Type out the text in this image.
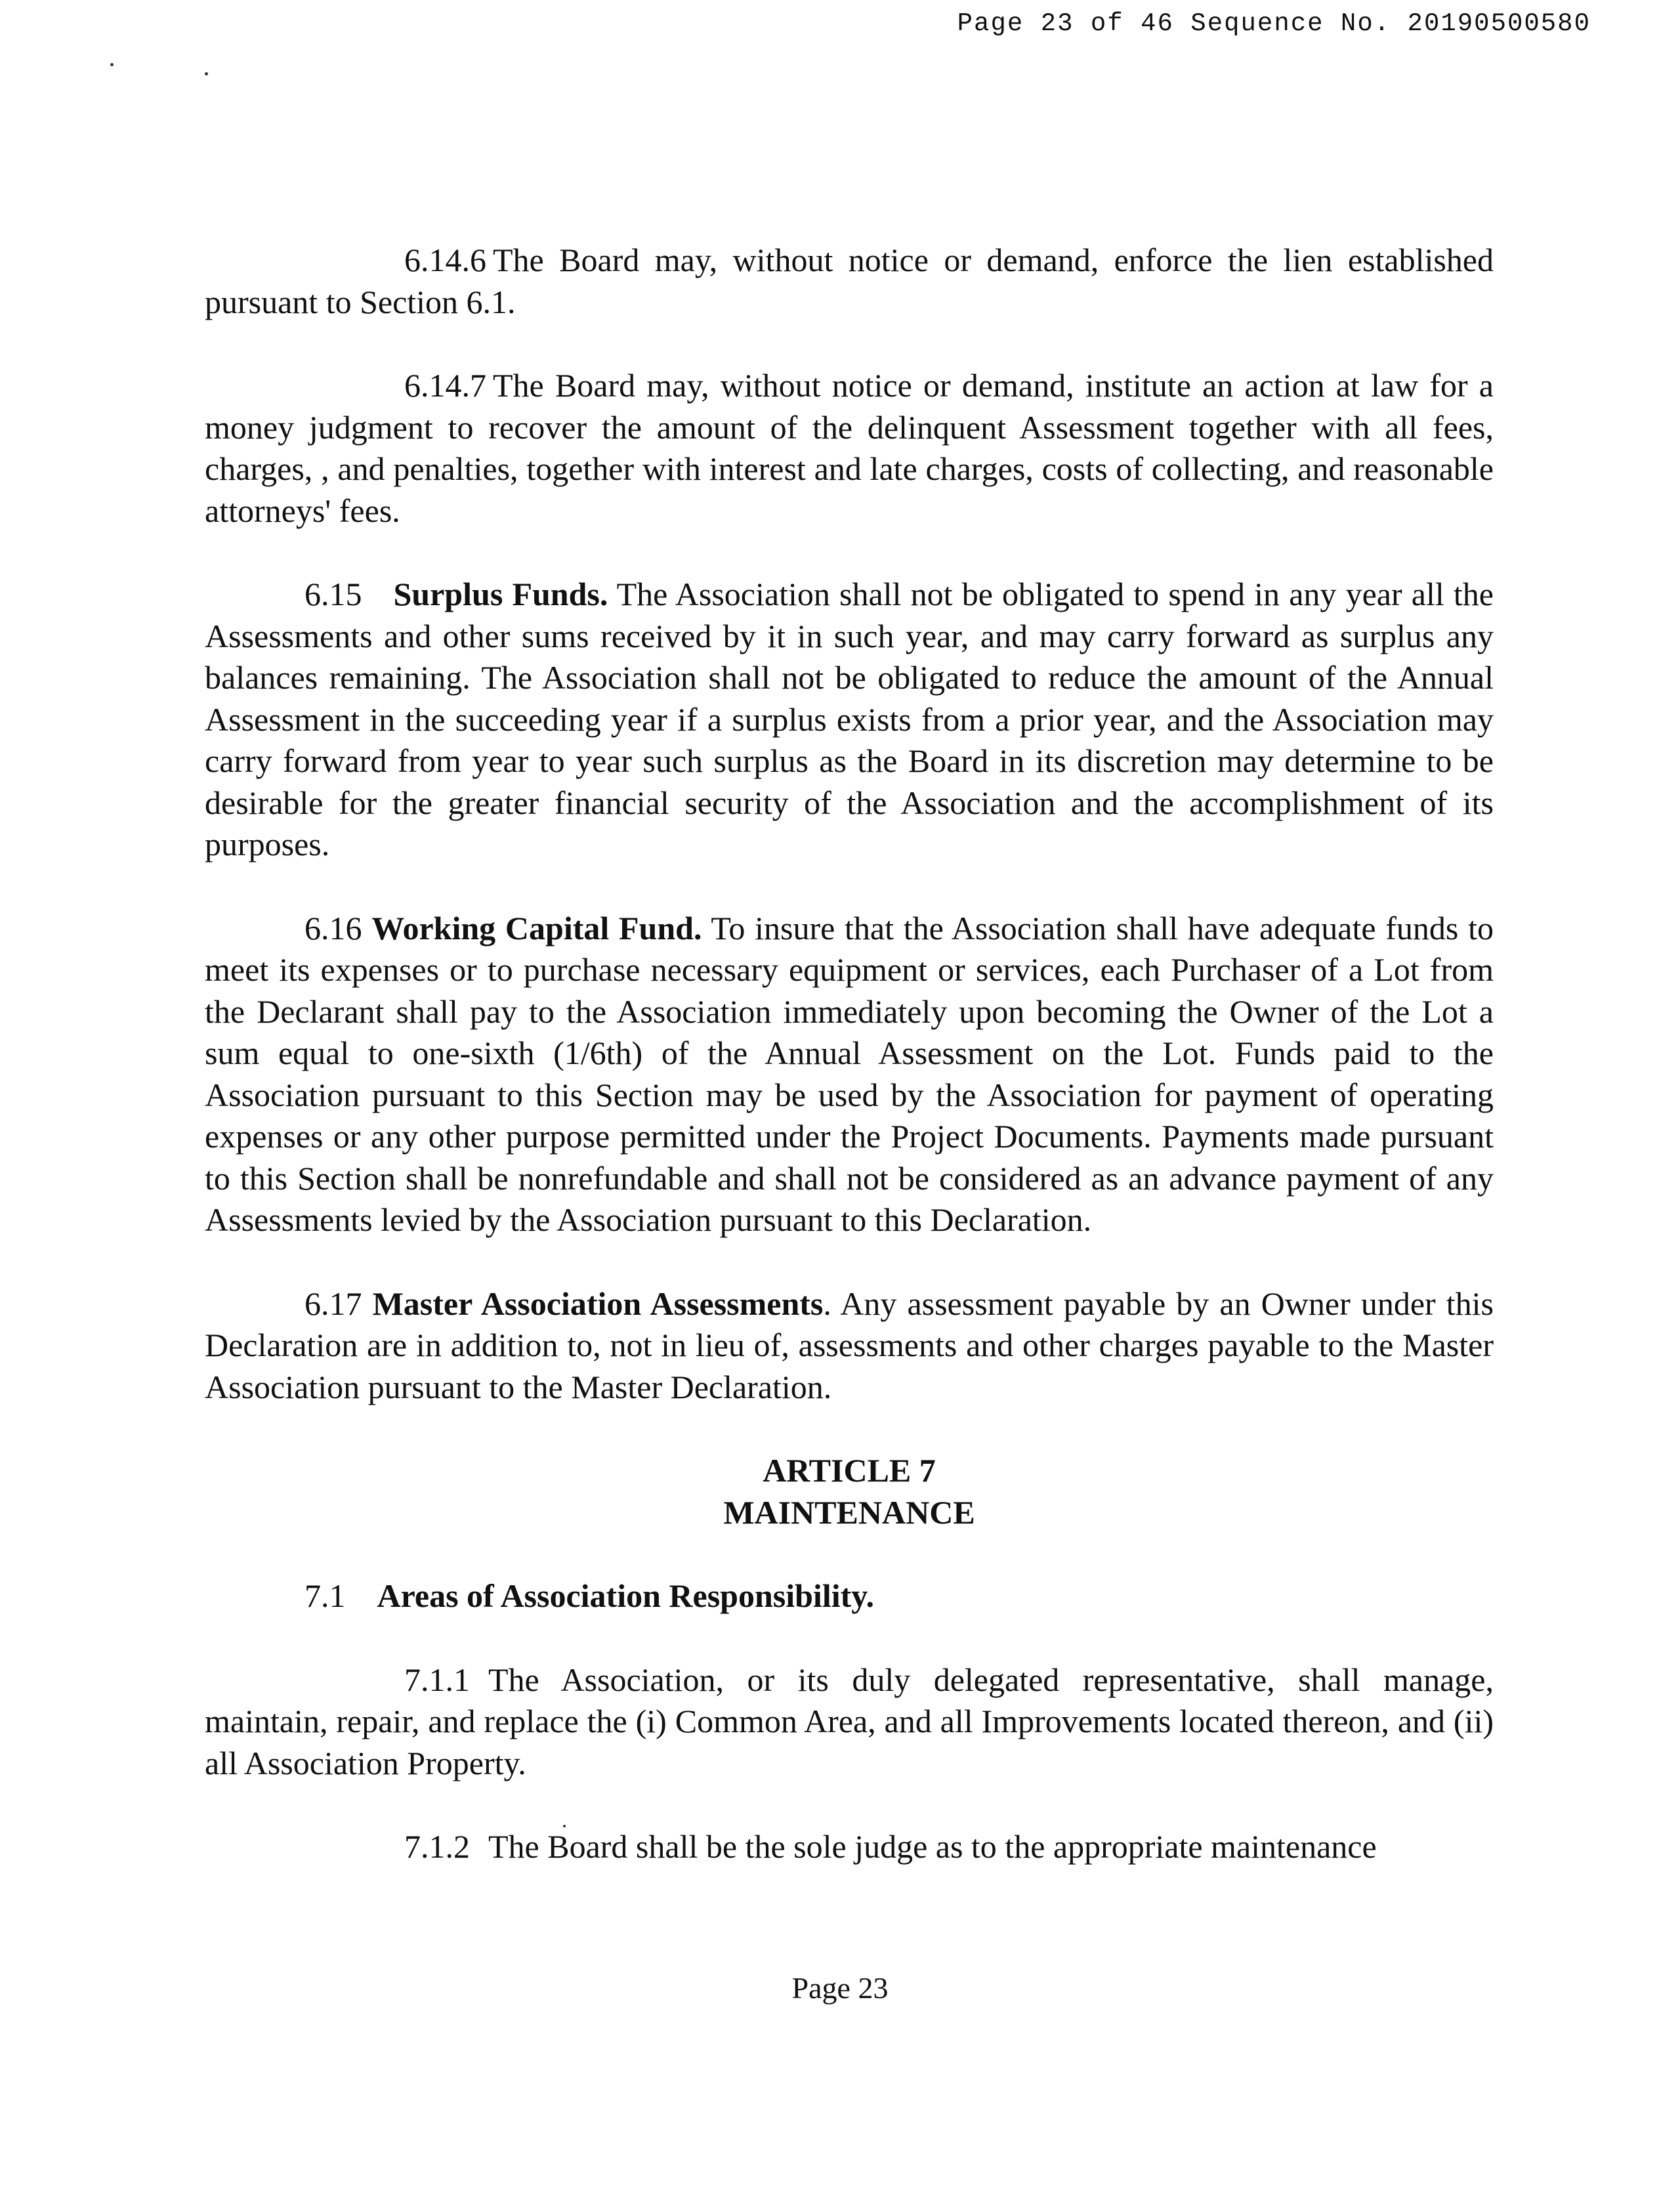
Page 23 of 46 Sequence No. 20190500580

6.14.6  The Board may, without notice or demand, enforce the lien established pursuant to Section 6.1.

6.14.7  The Board may, without notice or demand, institute an action at law for a money judgment to recover the amount of the delinquent Assessment together with all fees, charges, , and penalties, together with interest and late charges, costs of collecting, and reasonable attorneys' fees.

6.15 Surplus Funds. The Association shall not be obligated to spend in any year all the Assessments and other sums received by it in such year, and may carry forward as surplus any balances remaining. The Association shall not be obligated to reduce the amount of the Annual Assessment in the succeeding year if a surplus exists from a prior year, and the Association may carry forward from year to year such surplus as the Board in its discretion may determine to be desirable for the greater financial security of the Association and the accomplishment of its purposes.

6.16 Working Capital Fund. To insure that the Association shall have adequate funds to meet its expenses or to purchase necessary equipment or services, each Purchaser of a Lot from the Declarant shall pay to the Association immediately upon becoming the Owner of the Lot a sum equal to one-sixth (1/6th) of the Annual Assessment on the Lot. Funds paid to the Association pursuant to this Section may be used by the Association for payment of operating expenses or any other purpose permitted under the Project Documents. Payments made pursuant to this Section shall be nonrefundable and shall not be considered as an advance payment of any Assessments levied by the Association pursuant to this Declaration.

6.17 Master Association Assessments. Any assessment payable by an Owner under this Declaration are in addition to, not in lieu of, assessments and other charges payable to the Master Association pursuant to the Master Declaration.

ARTICLE 7
MAINTENANCE
7.1 Areas of Association Responsibility.

7.1.1 The Association, or its duly delegated representative, shall manage, maintain, repair, and replace the (i) Common Area, and all Improvements located thereon, and (ii) all Association Property.

7.1.2 The Board shall be the sole judge as to the appropriate maintenance

Page 23
